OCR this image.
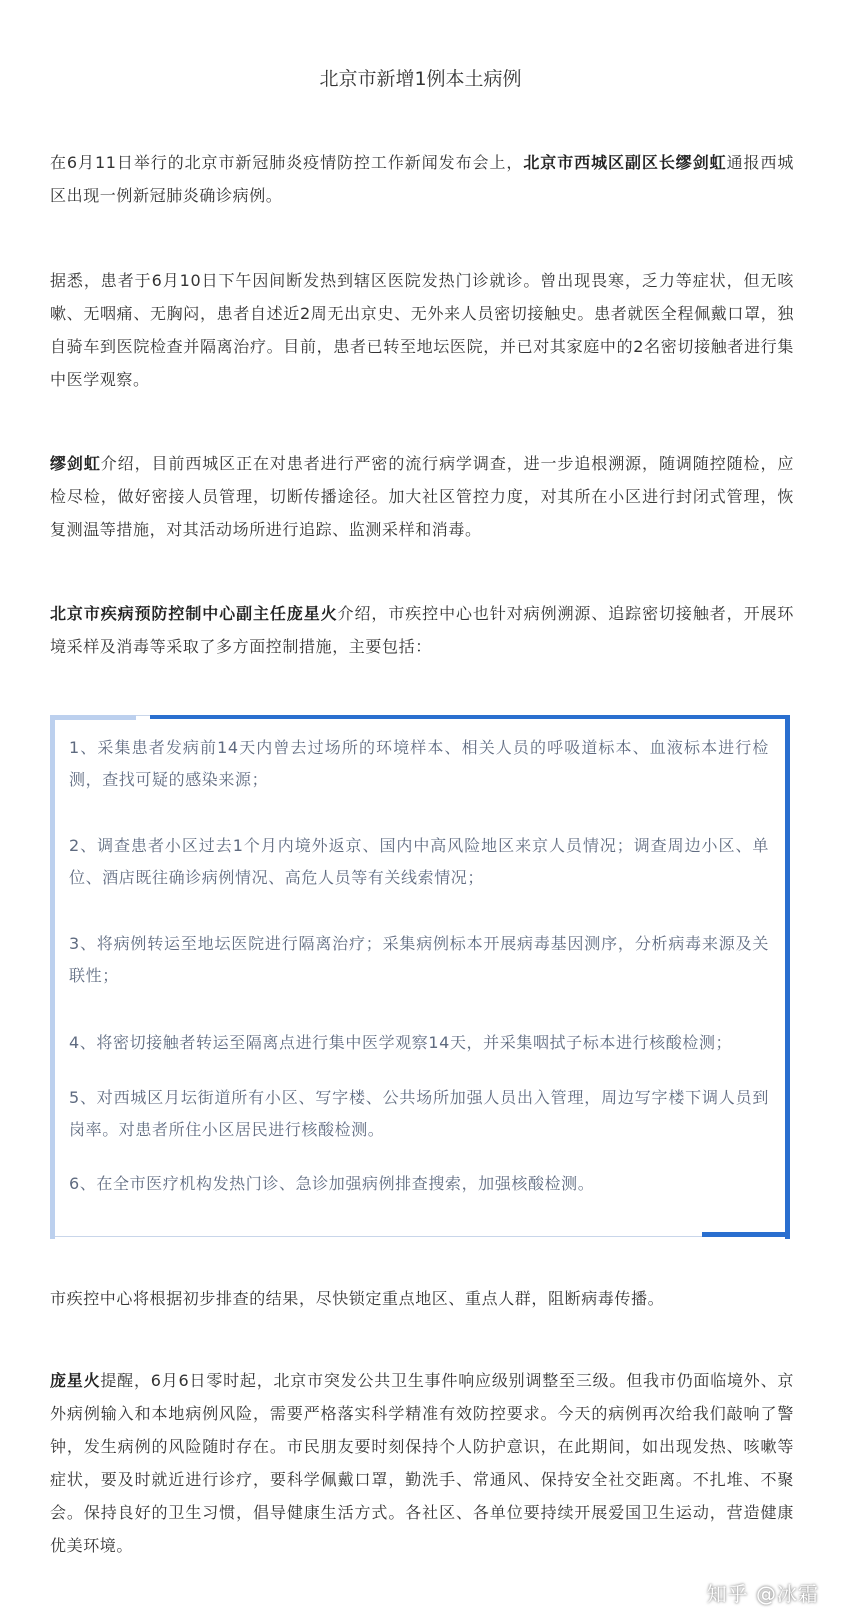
北京市新增1例本土病例

在6月11日举行的北京市新冠肺炎疫情防控工作新闻发布会上，北京市西城区副区长缪剑虹通报西城区出现一例新冠肺炎确诊病例。

据悉，患者于6月10日下午因间断发热到辖区医院发热门诊就诊。曾出现畏寒，乏力等症状，但无咳嗽、无咽痛、无胸闷，患者自述近2周无出京史、无外来人员密切接触史。患者就医全程佩戴口罩，独自骑车到医院检查并隔离治疗。目前，患者已转至地坛医院，并已对其家庭中的2名密切接触者进行集中医学观察。

缪剑虹介绍，目前西城区正在对患者进行严密的流行病学调查，进一步追根溯源，随调随控随检，应检尽检，做好密接人员管理，切断传播途径。加大社区管控力度，对其所在小区进行封闭式管理，恢复测温等措施，对其活动场所进行追踪、监测采样和消毒。

北京市疾病预防控制中心副主任庞星火介绍，市疾控中心也针对病例溯源、追踪密切接触者，开展环境采样及消毒等采取了多方面控制措施，主要包括：

1、采集患者发病前14天内曾去过场所的环境样本、相关人员的呼吸道标本、血液标本进行检测，查找可疑的感染来源；

2、调查患者小区过去1个月内境外返京、国内中高风险地区来京人员情况；调查周边小区、单位、酒店既往确诊病例情况、高危人员等有关线索情况；

3、将病例转运至地坛医院进行隔离治疗；采集病例标本开展病毒基因测序，分析病毒来源及关联性；

4、将密切接触者转运至隔离点进行集中医学观察14天，并采集咽拭子标本进行核酸检测；

5、对西城区月坛街道所有小区、写字楼、公共场所加强人员出入管理，周边写字楼下调人员到岗率。对患者所住小区居民进行核酸检测。

6、在全市医疗机构发热门诊、急诊加强病例排查搜索，加强核酸检测。

市疾控中心将根据初步排查的结果，尽快锁定重点地区、重点人群，阻断病毒传播。

庞星火提醒，6月6日零时起，北京市突发公共卫生事件响应级别调整至三级。但我市仍面临境外、京外病例输入和本地病例风险，需要严格落实科学精准有效防控要求。今天的病例再次给我们敲响了警钟，发生病例的风险随时存在。市民朋友要时刻保持个人防护意识，在此期间，如出现发热、咳嗽等症状，要及时就近进行诊疗，要科学佩戴口罩，勤洗手、常通风、保持安全社交距离。不扎堆、不聚会。保持良好的卫生习惯，倡导健康生活方式。各社区、各单位要持续开展爱国卫生运动，营造健康优美环境。

知乎 @冰霜
